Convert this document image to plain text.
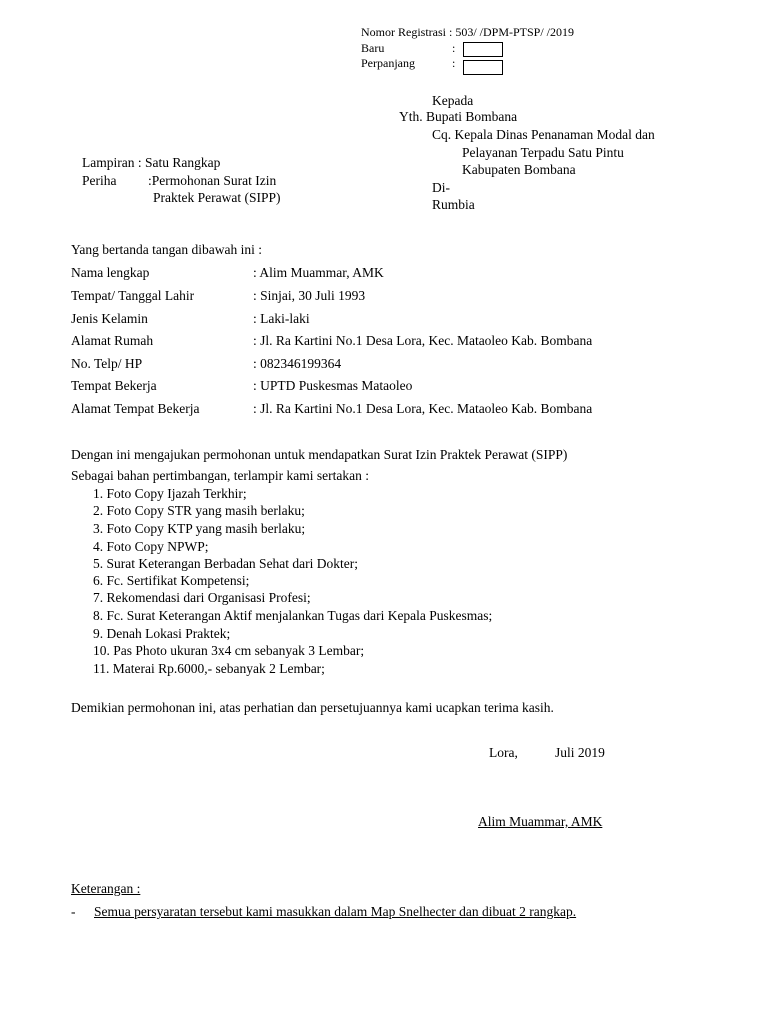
Nomor Registrasi : 503/ /DPM-PTSP/ /2019
Baru	:
Perpanjang	:
Kepada
Yth. Bupati Bombana
Cq. Kepala Dinas Penanaman Modal dan
Pelayanan Terpadu Satu Pintu
Kabupaten Bombana
Di-
Rumbia
Lampiran : Satu Rangkap
Periha :Permohonan Surat Izin
Praktek Perawat (SIPP)
Yang bertanda tangan dibawah ini :
Nama lengkap	: Alim Muammar, AMK
Tempat/ Tanggal Lahir	: Sinjai, 30 Juli 1993
Jenis Kelamin	: Laki-laki
Alamat Rumah	: Jl. Ra Kartini No.1 Desa Lora, Kec. Mataoleo Kab. Bombana
No. Telp/ HP	: 082346199364
Tempat Bekerja	: UPTD Puskesmas Mataoleo
Alamat Tempat Bekerja	: Jl. Ra Kartini No.1 Desa Lora, Kec. Mataoleo Kab. Bombana
Dengan ini mengajukan permohonan untuk mendapatkan Surat Izin Praktek Perawat (SIPP)
Sebagai bahan pertimbangan, terlampir kami sertakan :
1. Foto Copy Ijazah Terkhir;
2. Foto Copy STR yang masih berlaku;
3. Foto Copy KTP yang masih berlaku;
4. Foto Copy NPWP;
5. Surat Keterangan Berbadan Sehat dari Dokter;
6. Fc. Sertifikat Kompetensi;
7. Rekomendasi dari Organisasi Profesi;
8. Fc. Surat Keterangan Aktif menjalankan Tugas dari Kepala Puskesmas;
9. Denah Lokasi Praktek;
10. Pas Photo ukuran 3x4 cm sebanyak 3 Lembar;
11. Materai Rp.6000,- sebanyak 2 Lembar;
Demikian permohonan ini, atas perhatian dan persetujuannya kami ucapkan terima kasih.
Lora,	Juli 2019
Alim Muammar, AMK
Keterangan :
- Semua persyaratan tersebut kami masukkan dalam Map Snelhecter dan dibuat 2 rangkap.
